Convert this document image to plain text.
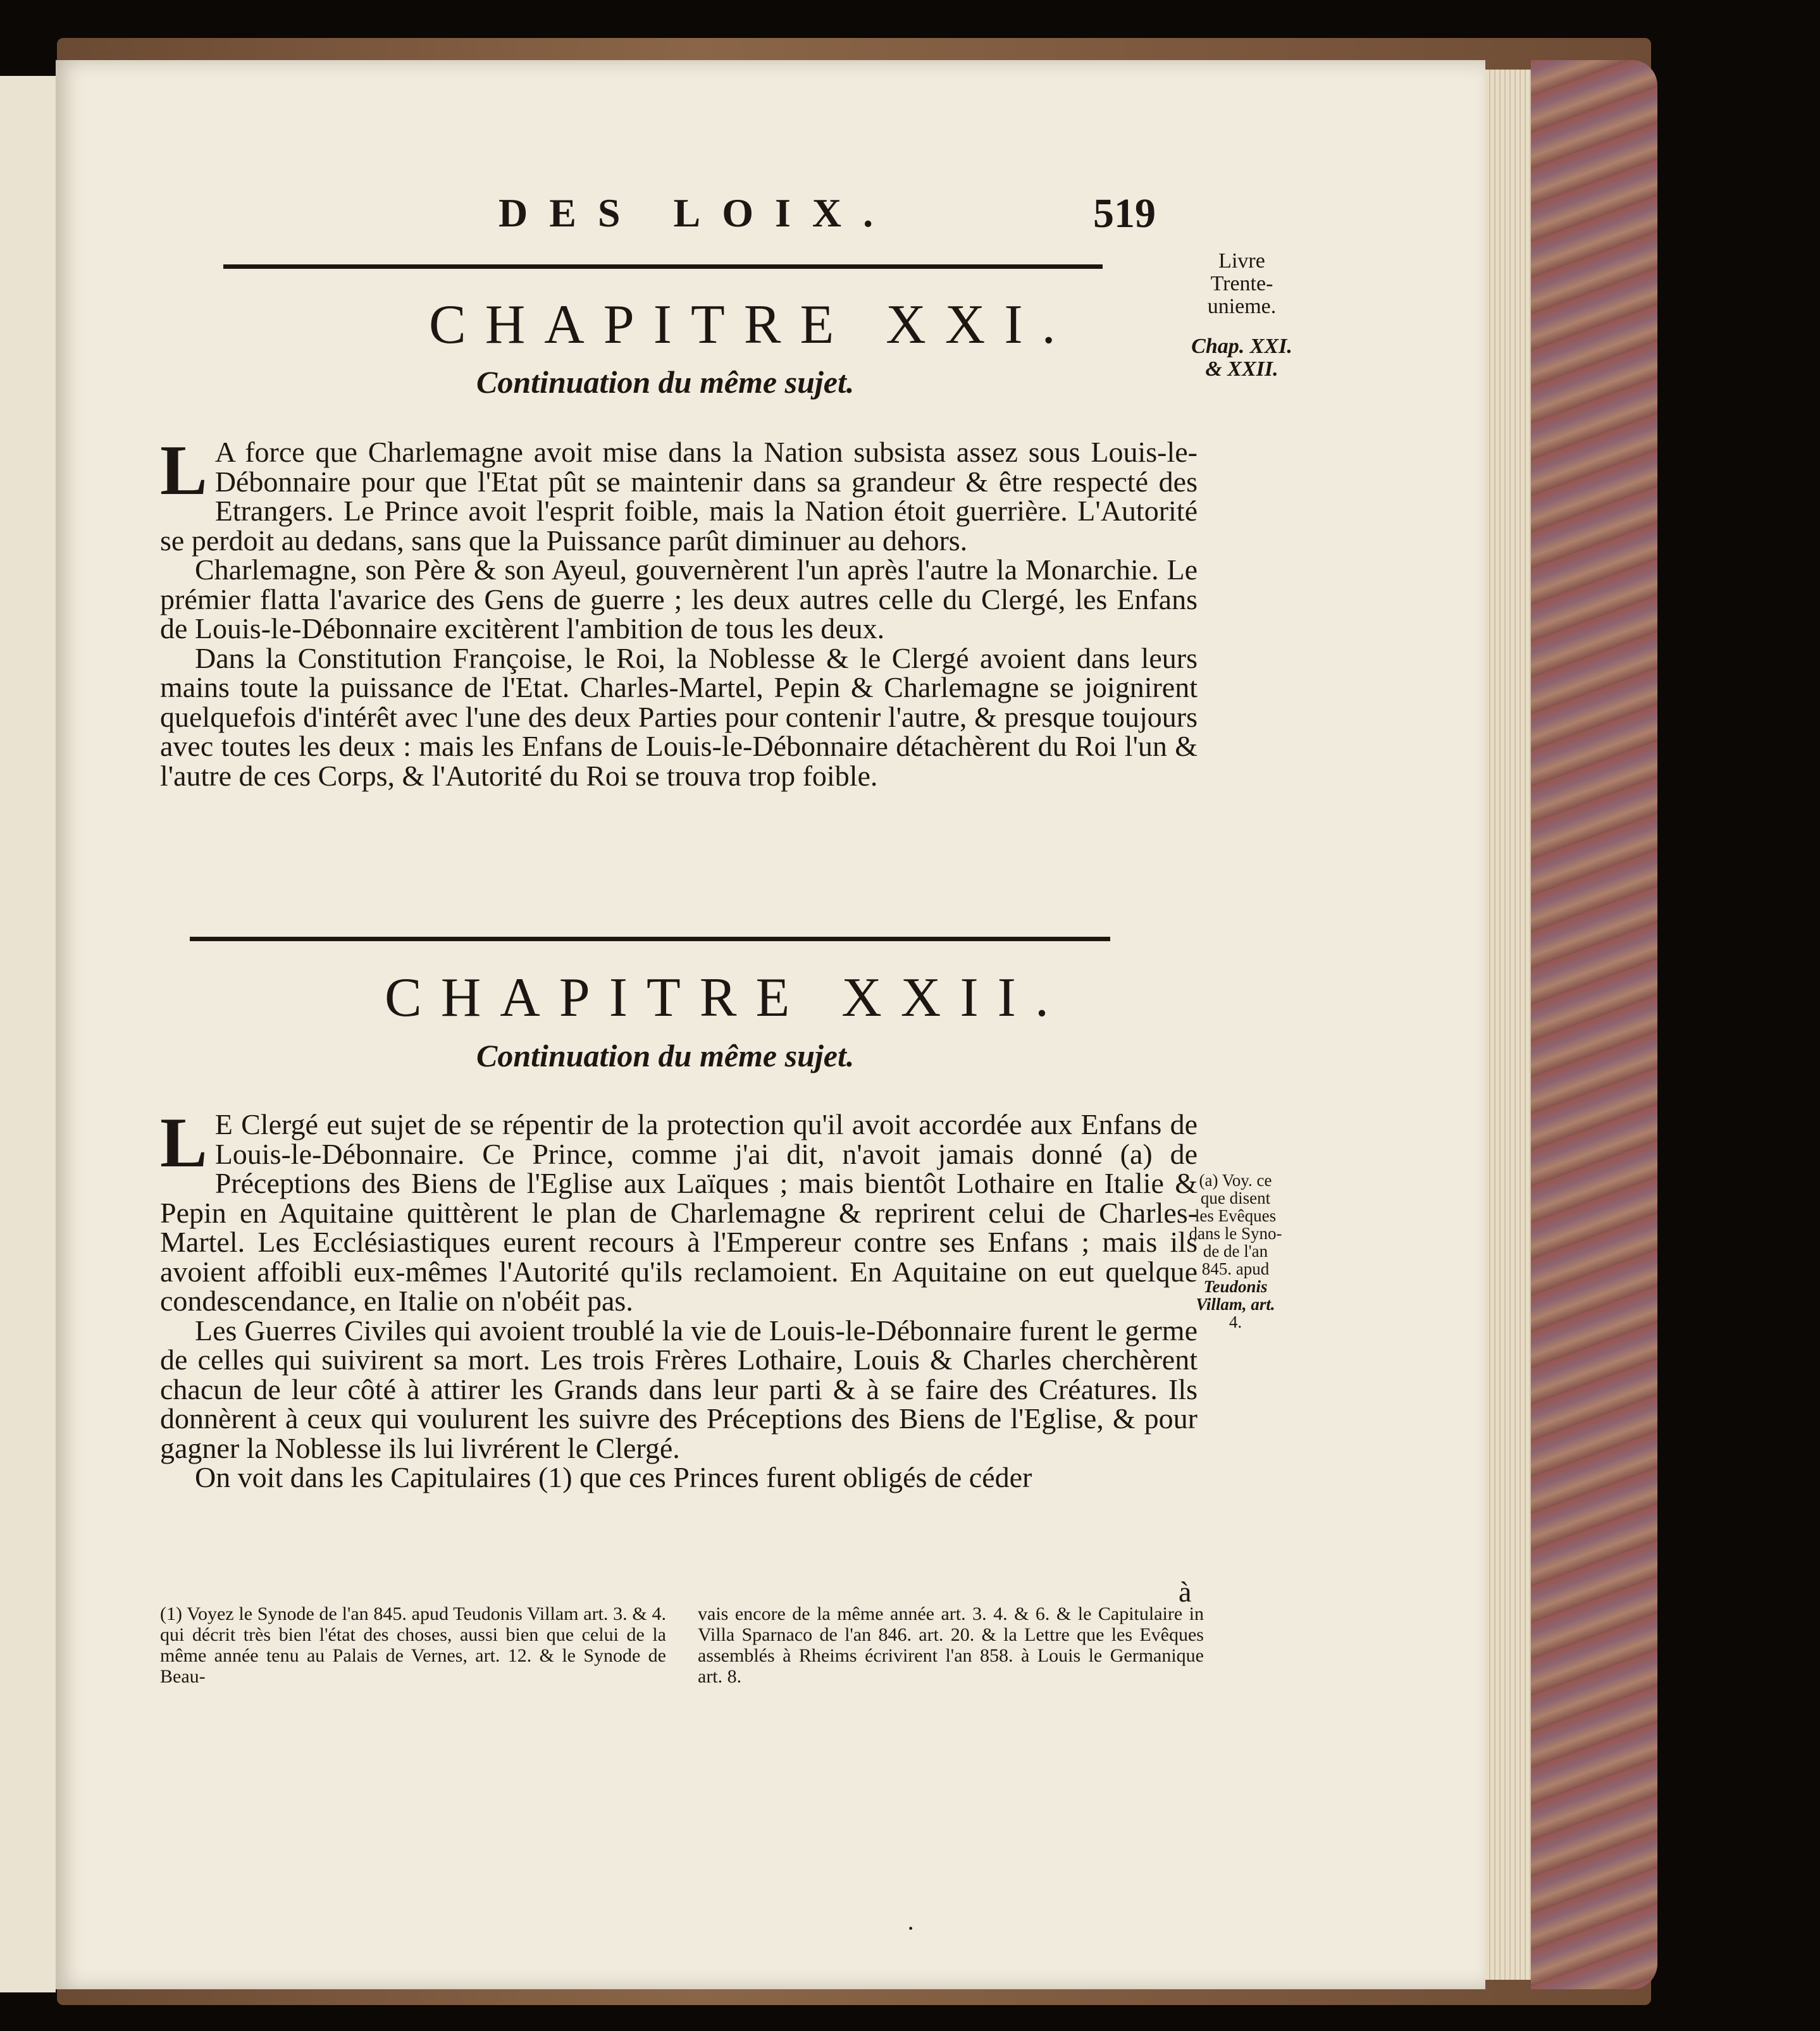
DES LOIX.	519
CHAPITRE XXI.
Continuation du même sujet.

L A force que Charlemagne avoit mise dans la Nation subsista assez sous Louis-le-Débonnaire pour que l'Etat pût se maintenir dans sa grandeur & être respecté des Etrangers. Le Prince avoit l'esprit foible, mais la Nation étoit guerrière. L'Autorité se perdoit au dedans, sans que la Puissance parût diminuer au dehors.

Charlemagne, son Père & son Ayeul, gouvernèrent l'un après l'autre la Monarchie. Le prémier flatta l'avarice des Gens de guerre ; les deux autres celle du Clergé, les Enfans de Louis-le-Débonnaire excitèrent l'ambition de tous les deux.

Dans la Constitution Françoise, le Roi, la Noblesse & le Clergé avoient dans leurs mains toute la puissance de l'Etat. Charles-Martel, Pepin & Charlemagne se joignirent quelquefois d'intérêt avec l'une des deux Parties pour contenir l'autre, & presque toujours avec toutes les deux : mais les Enfans de Louis-le-Débonnaire détachèrent du Roi l'un & l'autre de ces Corps, & l'Autorité du Roi se trouva trop foible.

CHAPITRE XXII.
Continuation du même sujet.

L E Clergé eut sujet de se répentir de la protection qu'il avoit accordée aux Enfans de Louis-le-Débonnaire. Ce Prince, comme j'ai dit, n'avoit jamais donné (a) de Préceptions des Biens de l'Eglise aux Laïques ; mais bientôt Lothaire en Italie & Pepin en Aquitaine quittèrent le plan de Charlemagne & reprirent celui de Charles-Martel. Les Ecclésiastiques eurent recours à l'Empereur contre ses Enfans ; mais ils avoient affoibli eux-mêmes l'Autorité qu'ils reclamoient. En Aquitaine on eut quelque condescendance, en Italie on n'obéit pas.

Les Guerres Civiles qui avoient troublé la vie de Louis-le-Débonnaire furent le germe de celles qui suivirent sa mort. Les trois Frères Lothaire, Louis & Charles cherchèrent chacun de leur côté à attirer les Grands dans leur parti & à se faire des Créatures. Ils donnèrent à ceux qui voulurent les suivre des Préceptions des Biens de l'Eglise, & pour gagner la Noblesse ils lui livrérent le Clergé.

On voit dans les Capitulaires (1) que ces Princes furent obligés de céder

à
Livre
Trente-
unieme.
Chap. XXI.
& XXII.
(a) Voy. ce
que disent
les Evêques
dans le Syno-
de de l'an
845. apud
Teudonis
Villam, art.
4.
(1) Voyez le Synode de l'an 845. apud Teudonis Villam art. 3. & 4. qui décrit très bien l'état des choses, aussi bien que celui de la même année tenu au Palais de Vernes, art. 12. & le Synode de Beau-
vais encore de la même année art. 3. 4. & 6. & le Capitulaire in Villa Sparnaco de l'an 846. art. 20. & la Lettre que les Evêques assemblés à Rheims écrivirent l'an 858. à Louis le Germanique art. 8.
·
